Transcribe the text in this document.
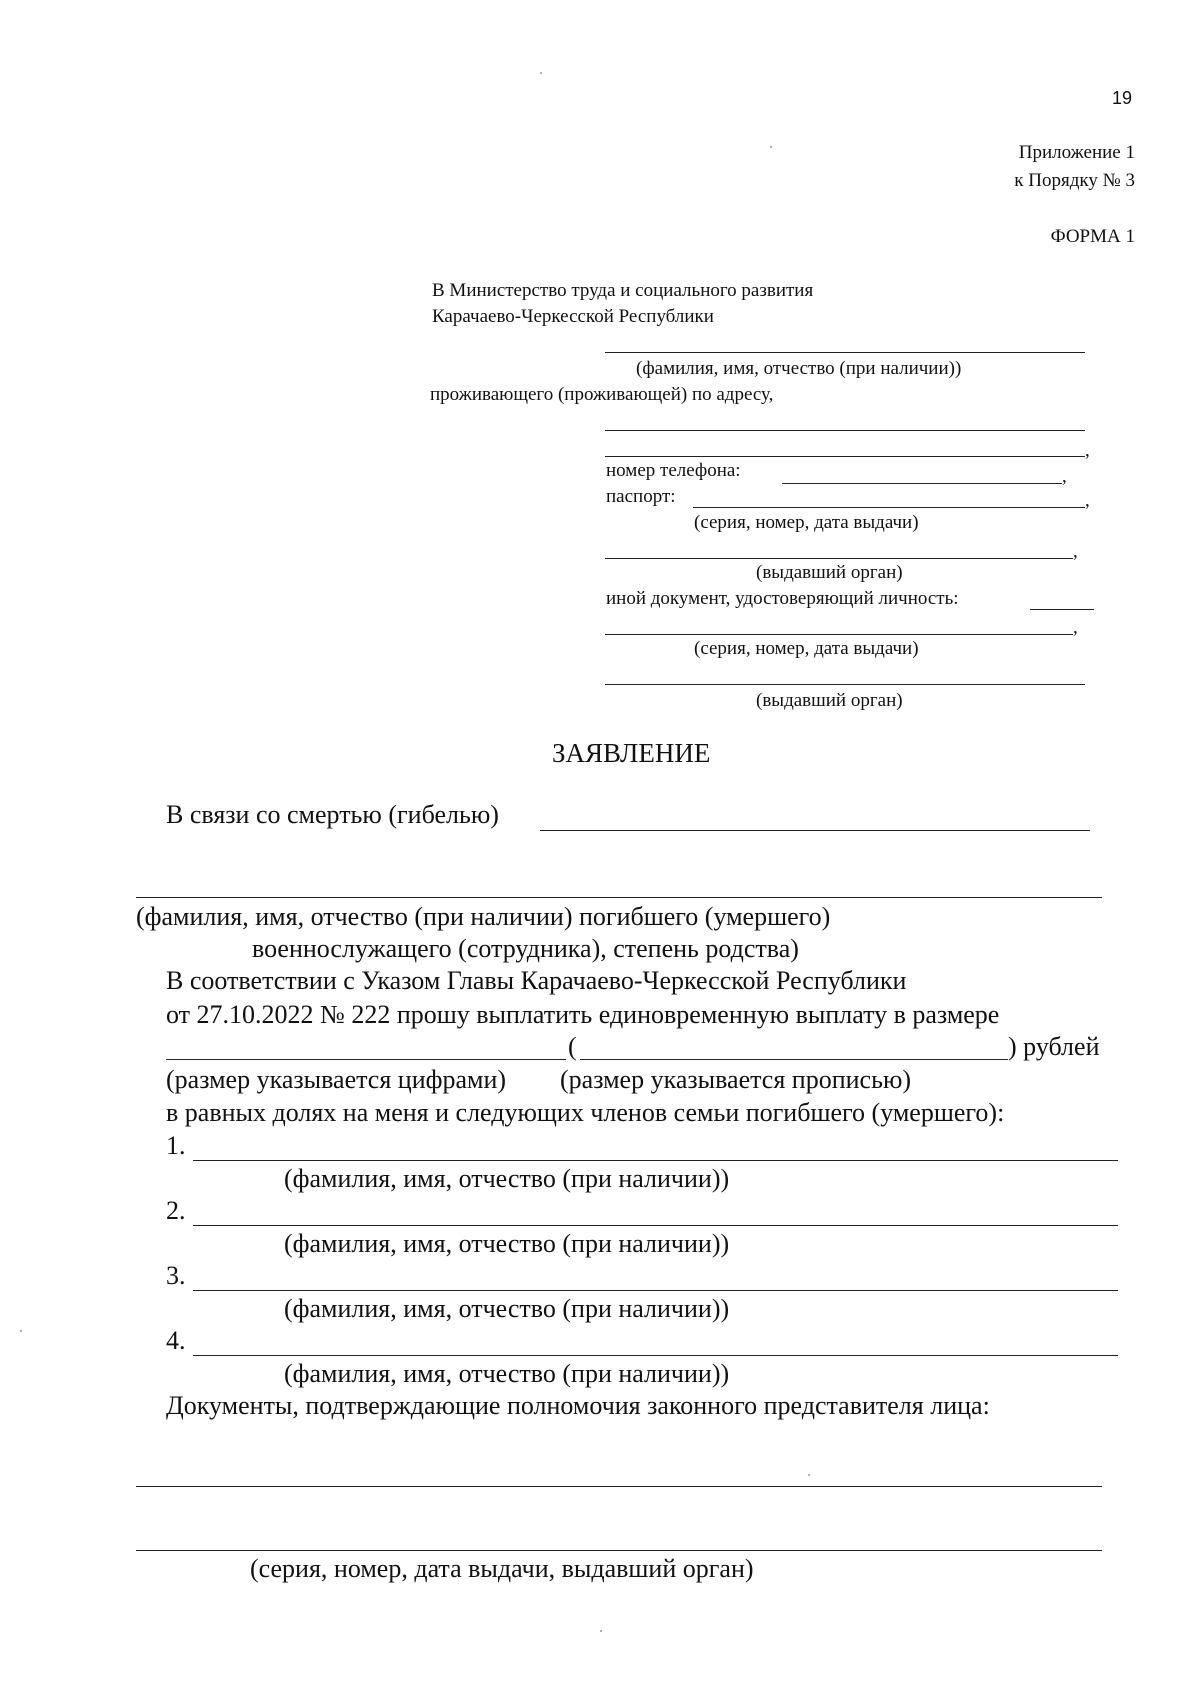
19
Приложение 1
к Порядку № 3
ФОРМА 1
В Министерство труда и социального развития
Карачаево-Черкесской Республики
(фамилия, имя, отчество (при наличии))
проживающего (проживающей) по адресу,
,
номер телефона:	,
паспорт:	,
(серия, номер, дата выдачи)
,
(выдавший орган)
иной документ, удостоверяющий личность:
,
(серия, номер, дата выдачи)
(выдавший орган)
ЗАЯВЛЕНИЕ
В связи со смертью (гибелью)
(фамилия, имя, отчество (при наличии) погибшего (умершего)
военнослужащего (сотрудника), степень родства)
В соответствии с Указом Главы Карачаево-Черкесской Республики
от 27.10.2022 № 222 прошу выплатить единовременную выплату в размере
(	) рублей
(размер указывается цифрами) (размер указывается прописью)
в равных долях на меня и следующих членов семьи погибшего (умершего):
1.
(фамилия, имя, отчество (при наличии))
2.
(фамилия, имя, отчество (при наличии))
3.
(фамилия, имя, отчество (при наличии))
4.
(фамилия, имя, отчество (при наличии))
Документы, подтверждающие полномочия законного представителя лица:
(серия, номер, дата выдачи, выдавший орган)
